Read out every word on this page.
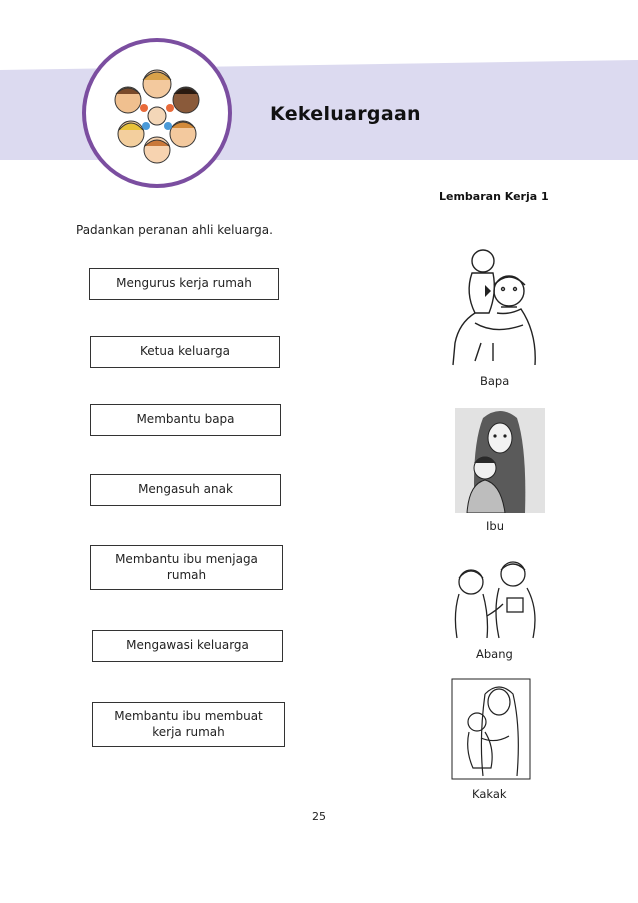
Kekeluargaan
Lembaran Kerja 1
Padankan peranan ahli keluarga.
Mengurus kerja rumah
Ketua keluarga
Membantu bapa
Mengasuh anak
Membantu ibu menjaga rumah
Mengawasi keluarga
Membantu ibu membuat kerja rumah
Bapa
Ibu
Abang
Kakak
25
